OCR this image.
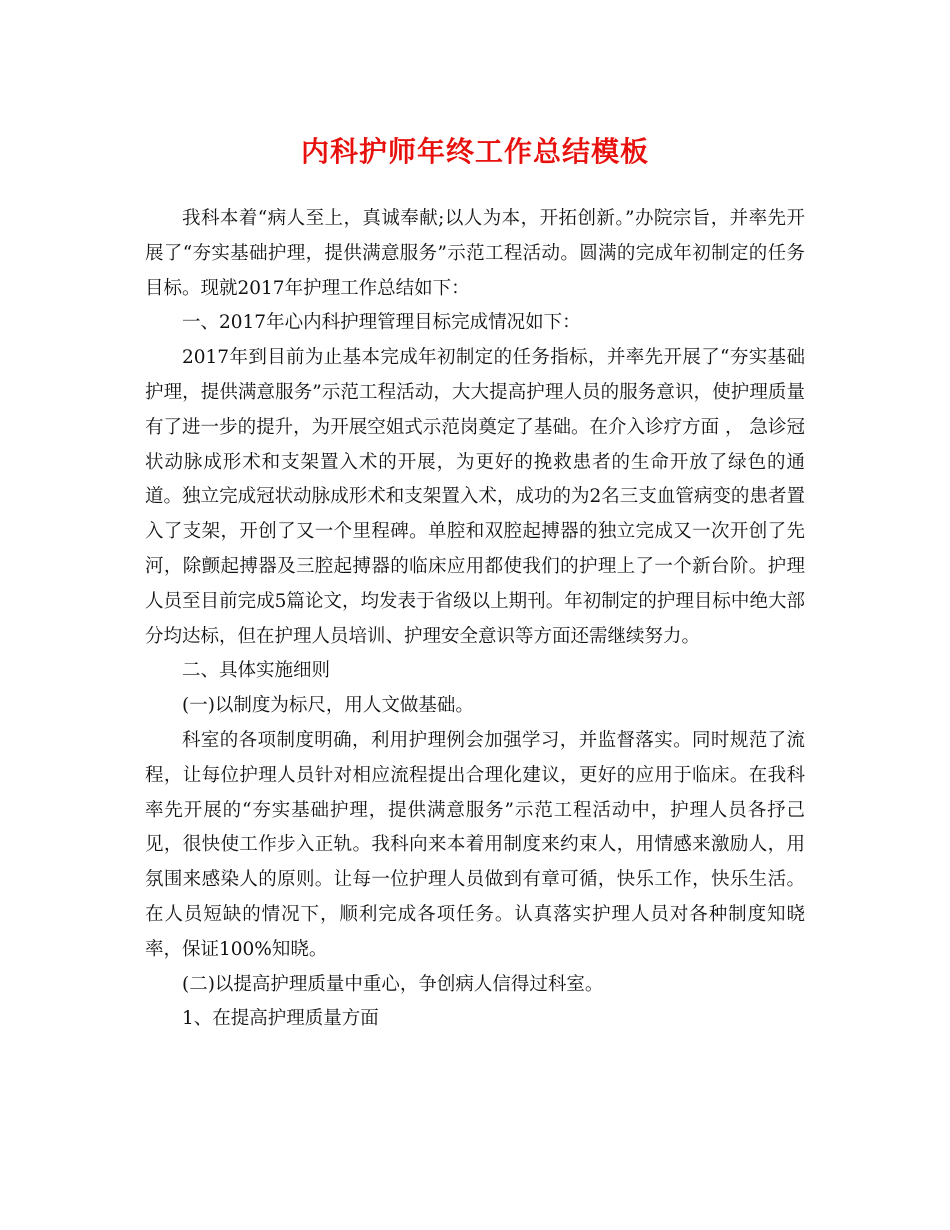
内科护师年终工作总结模板

我科本着“病人至上，真诚奉献;以人为本，开拓创新。”办院宗旨，并率先开展了“夯实基础护理，提供满意服务”示范工程活动。圆满的完成年初制定的任务目标。现就2017年护理工作总结如下：

一、2017年心内科护理管理目标完成情况如下：

2017年到目前为止基本完成年初制定的任务指标，并率先开展了“夯实基础护理，提供满意服务”示范工程活动，大大提高护理人员的服务意识，使护理质量有了进一步的提升，为开展空姐式示范岗奠定了基础。在介入诊疗方面 ， 急诊冠状动脉成形术和支架置入术的开展，为更好的挽救患者的生命开放了绿色的通道。独立完成冠状动脉成形术和支架置入术，成功的为2名三支血管病变的患者置入了支架，开创了又一个里程碑。单腔和双腔起搏器的独立完成又一次开创了先河，除颤起搏器及三腔起搏器的临床应用都使我们的护理上了一个新台阶。护理人员至目前完成5篇论文，均发表于省级以上期刊。年初制定的护理目标中绝大部分均达标，但在护理人员培训、护理安全意识等方面还需继续努力。

二、具体实施细则

(一)以制度为标尺，用人文做基础。

科室的各项制度明确，利用护理例会加强学习，并监督落实。同时规范了流程，让每位护理人员针对相应流程提出合理化建议，更好的应用于临床。在我科率先开展的“夯实基础护理，提供满意服务”示范工程活动中，护理人员各抒己见，很快使工作步入正轨。我科向来本着用制度来约束人，用情感来激励人，用氛围来感染人的原则。让每一位护理人员做到有章可循，快乐工作，快乐生活。在人员短缺的情况下，顺利完成各项任务。认真落实护理人员对各种制度知晓率，保证100%知晓。

(二)以提高护理质量中重心，争创病人信得过科室。

1、在提高护理质量方面
